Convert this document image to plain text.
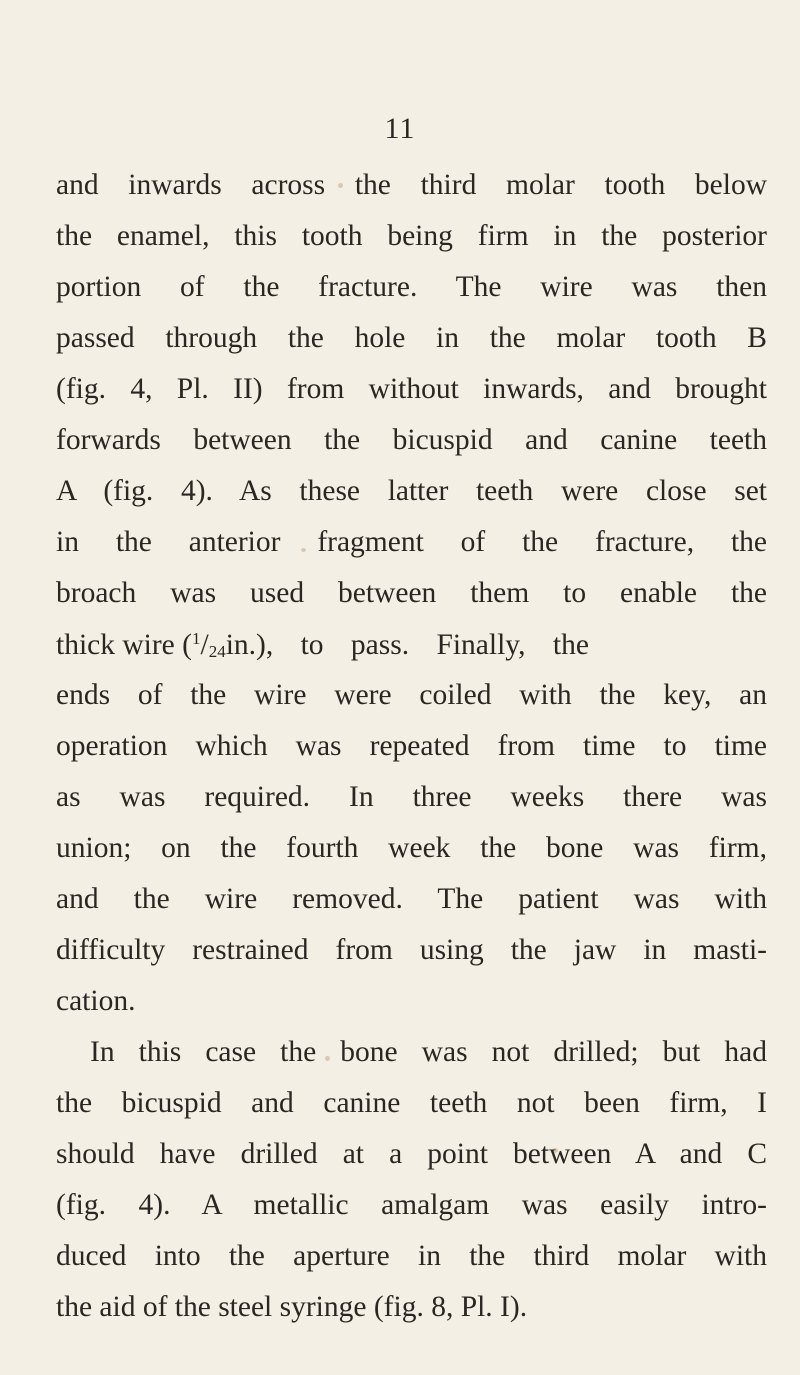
11
and inwards across the third molar tooth below
the enamel, this tooth being firm in the posterior
portion of the fracture. The wire was then
passed through the hole in the molar tooth B
(fig. 4, Pl. II) from without inwards, and brought
forwards between the bicuspid and canine teeth
A (fig. 4). As these latter teeth were close set
in the anterior fragment of the fracture, the
broach was used between them to enable the
thick wire ($^1$/24in.), to pass. Finally, the
ends of the wire were coiled with the key, an
operation which was repeated from time to time
as was required. In three weeks there was
union; on the fourth week the bone was firm,
and the wire removed. The patient was with
difficulty restrained from using the jaw in masti-
cation.
In this case the bone was not drilled; but had
the bicuspid and canine teeth not been firm, I
should have drilled at a point between A and C
(fig. 4). A metallic amalgam was easily intro-
duced into the aperture in the third molar with
the aid of the steel syringe (fig. 8, Pl. I).
